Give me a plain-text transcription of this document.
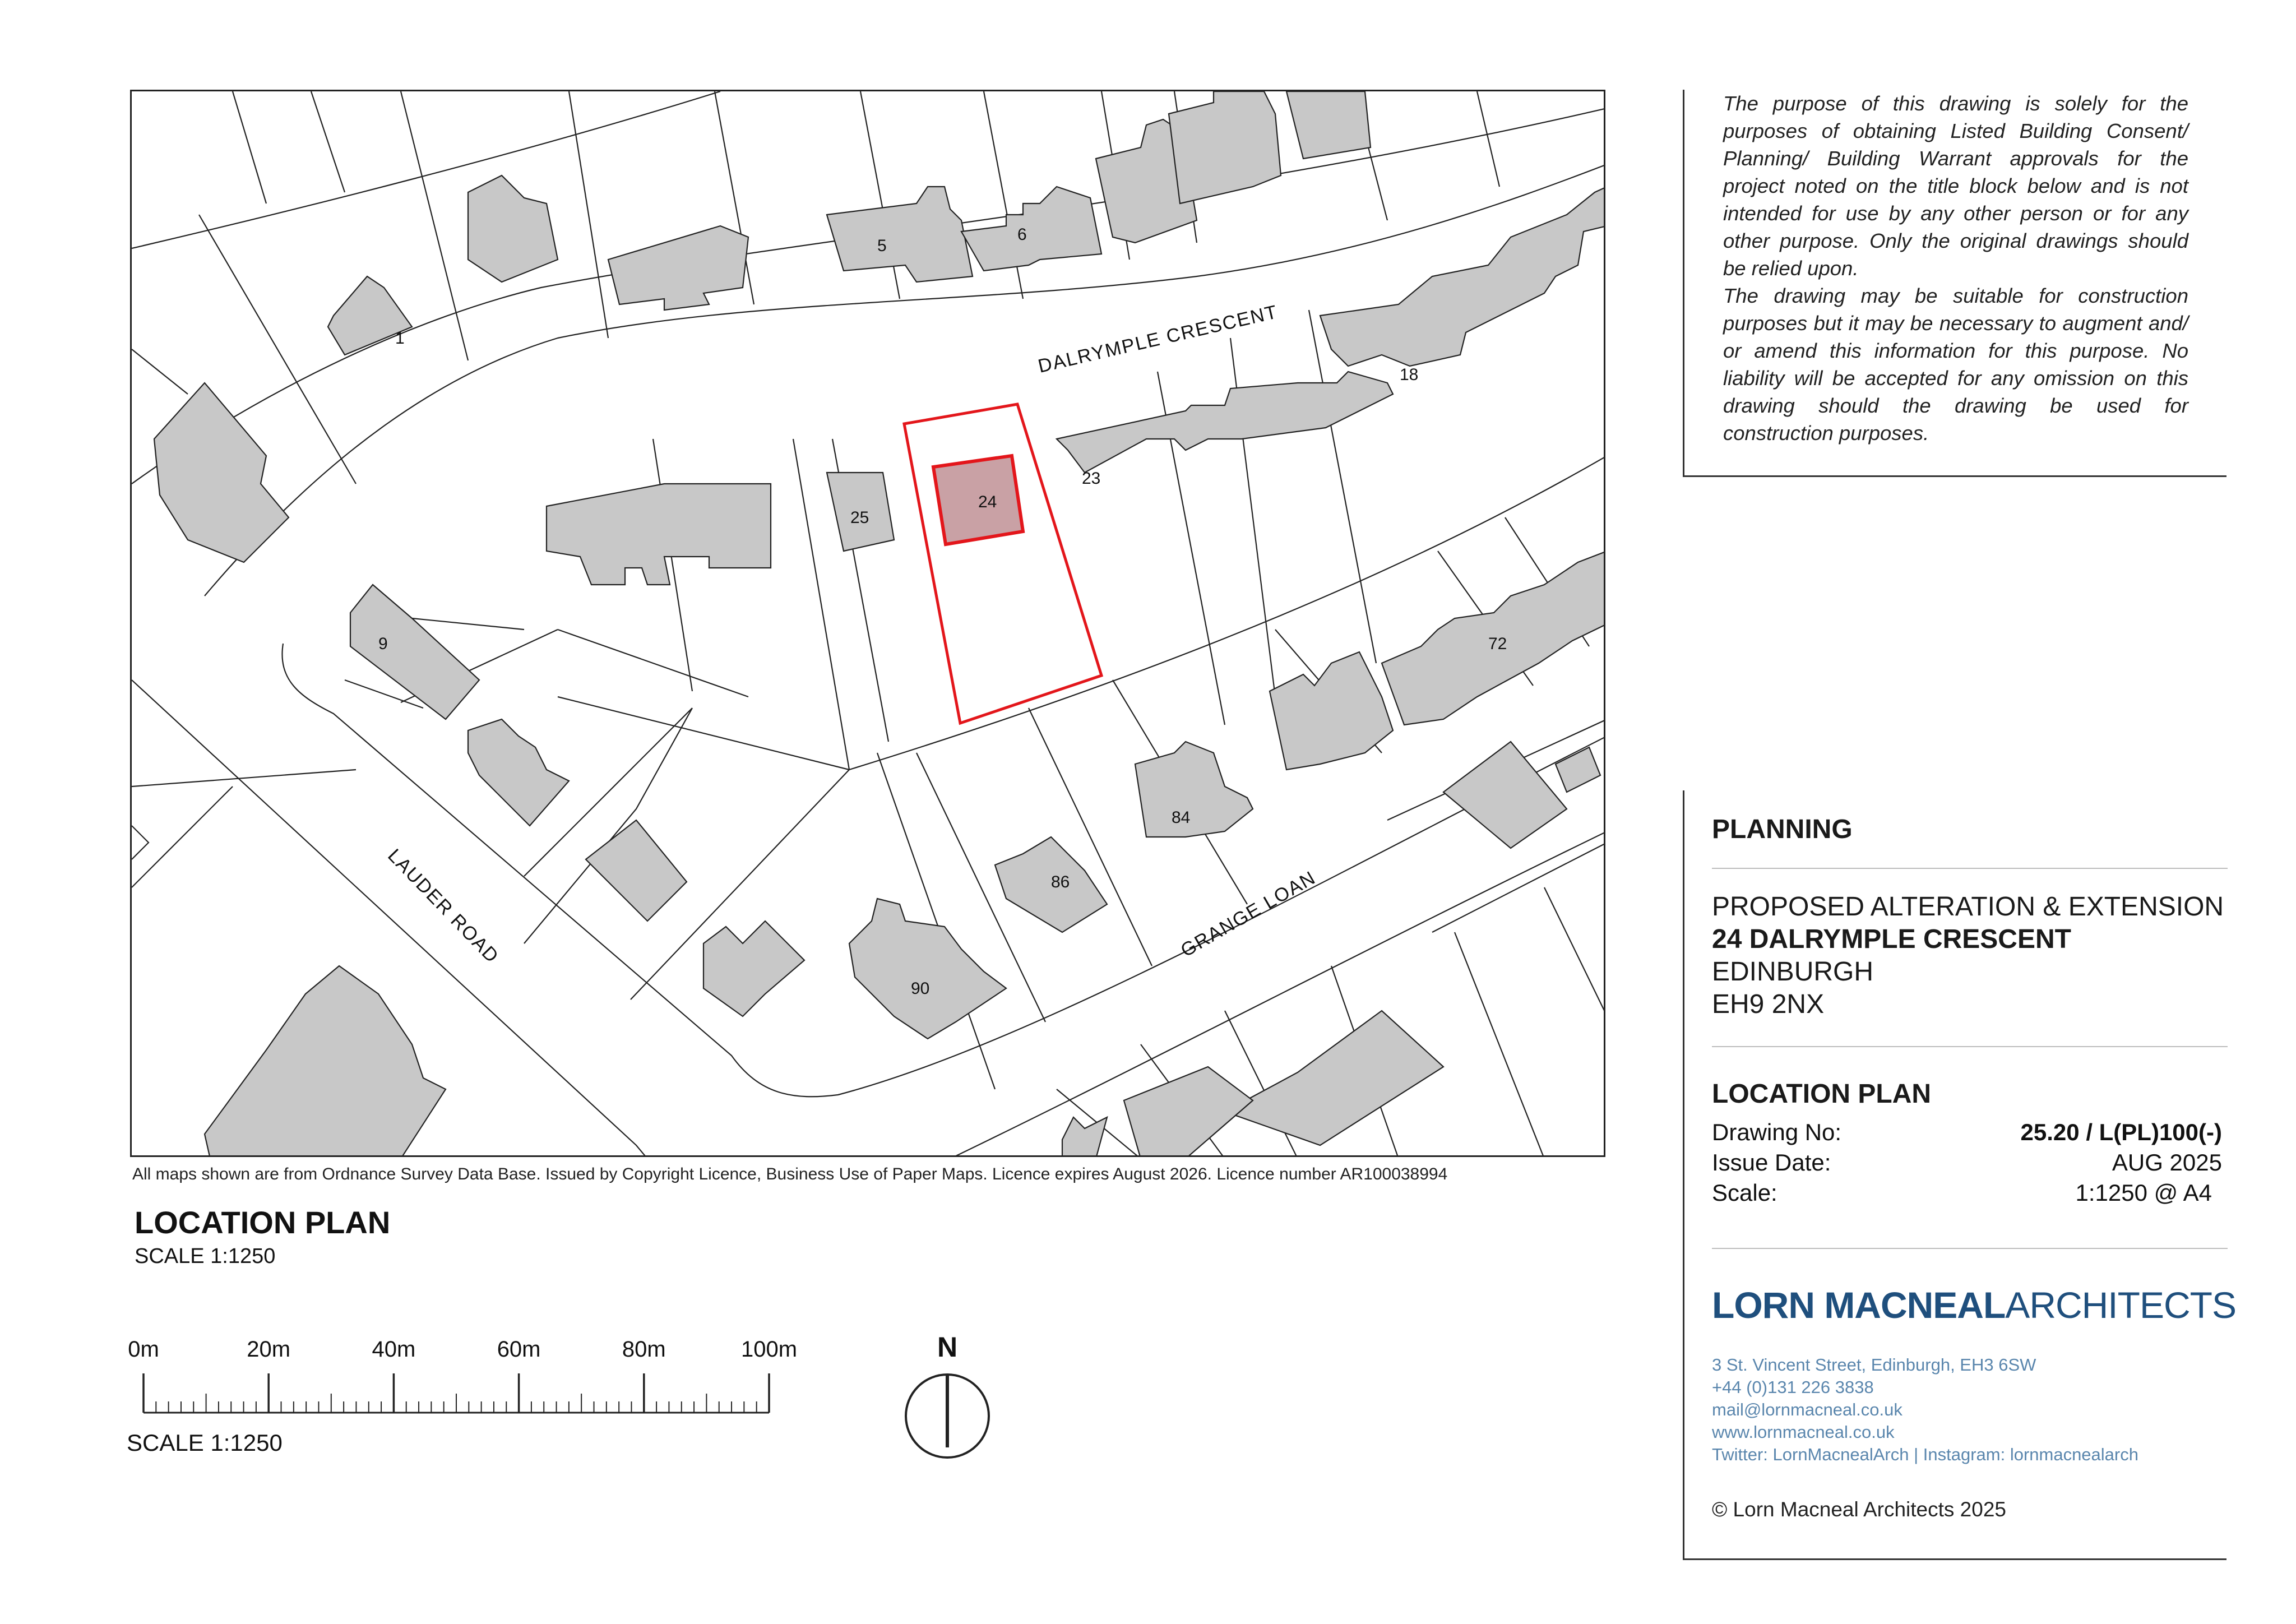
1
5
6
9
18
23
24
25
72
84
86
90
DALRYMPLE CRESCENT
LAUDER ROAD	GRANGE LOAN
All maps shown are from Ordnance Survey Data Base. Issued by Copyright Licence, Business Use of Paper Maps. Licence expires August 2026. Licence number AR100038994
LOCATION PLAN
SCALE 1:1250
0m	20m	40m	60m	80m	100m
SCALE 1:1250
N

The purpose of this drawing is solely for the purposes of obtaining Listed Building Consent/ Planning/ Building Warrant approvals for the project noted on the title block below and is not intended for use by any other person or for any other purpose. Only the original drawings should be relied upon.

The drawing may be suitable for construction purposes but it may be necessary to augment and/ or amend this information for this purpose. No liability will be accepted for any omission on this drawing should the drawing be used for construction purposes.

PLANNING
PROPOSED ALTERATION & EXTENSION
24 DALRYMPLE CRESCENT
EDINBURGH
EH9 2NX
LOCATION PLAN
Drawing No:	25.20 / L(PL)100(-)
Issue Date:	AUG 2025
Scale:	1:1250 @ A4
LORN MACNEALARCHITECTS
3 St. Vincent Street, Edinburgh, EH3 6SW
+44 (0)131 226 3838
mail@lornmacneal.co.uk
www.lornmacneal.co.uk
Twitter: LornMacnealArch | Instagram: lornmacnealarch
© Lorn Macneal Architects 2025
